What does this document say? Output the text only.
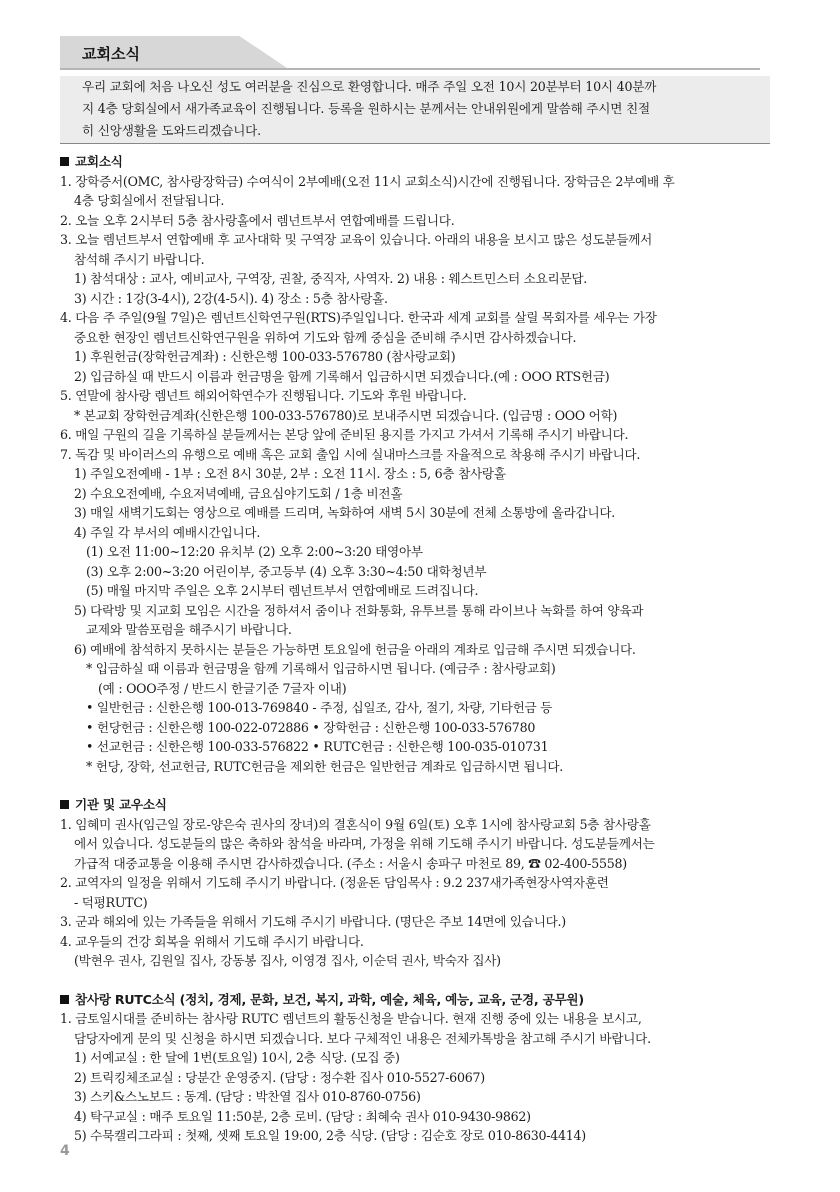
교회소식

우리 교회에 처음 나오신 성도 여러분을 진심으로 환영합니다. 매주 주일 오전 10시 20분부터 10시 40분까

지 4층 당회실에서 새가족교육이 진행됩니다. 등록을 원하시는 분께서는 안내위원에게 말씀해 주시면 친절

히 신앙생활을 도와드리겠습니다.

교회소식

1. 장학증서(OMC, 참사랑장학금) 수여식이 2부예배(오전 11시 교회소식)시간에 진행됩니다. 장학금은 2부예배 후

4층 당회실에서 전달됩니다.

2. 오늘 오후 2시부터 5층 참사랑홀에서 렘넌트부서 연합예배를 드립니다.

3. 오늘 렘넌트부서 연합예배 후 교사대학 및 구역장 교육이 있습니다. 아래의 내용을 보시고 많은 성도분들께서

참석해 주시기 바랍니다.

1) 참석대상 : 교사, 예비교사, 구역장, 권찰, 중직자, 사역자. 2) 내용 : 웨스트민스터 소요리문답.

3) 시간 : 1강(3-4시), 2강(4-5시). 4) 장소 : 5층 참사랑홀.

4. 다음 주 주일(9월 7일)은 렘넌트신학연구원(RTS)주일입니다. 한국과 세계 교회를 살릴 목회자를 세우는 가장

중요한 현장인 렘넌트신학연구원을 위하여 기도와 함께 중심을 준비해 주시면 감사하겠습니다.

1) 후원헌금(장학헌금계좌) : 신한은행 100-033-576780 (참사랑교회)

2) 입금하실 때 반드시 이름과 헌금명을 함께 기록해서 입금하시면 되겠습니다.(예 : OOO RTS헌금)

5. 연말에 참사랑 렘넌트 해외어학연수가 진행됩니다. 기도와 후원 바랍니다.

* 본교회 장학헌금계좌(신한은행 100-033-576780)로 보내주시면 되겠습니다. (입금명 : OOO 어학)

6. 매일 구원의 길을 기록하실 분들께서는 본당 앞에 준비된 용지를 가지고 가셔서 기록해 주시기 바랍니다.

7. 독감 및 바이러스의 유행으로 예배 혹은 교회 출입 시에 실내마스크를 자율적으로 착용해 주시기 바랍니다.

1) 주일오전예배 - 1부 : 오전 8시 30분, 2부 : 오전 11시. 장소 : 5, 6층 참사랑홀

2) 수요오전예배, 수요저녁예배, 금요심야기도회 / 1층 비전홀

3) 매일 새벽기도회는 영상으로 예배를 드리며, 녹화하여 새벽 5시 30분에 전체 소통방에 올라갑니다.

4) 주일 각 부서의 예배시간입니다.

(1) 오전 11:00~12:20 유치부 (2) 오후 2:00~3:20 태영아부

(3) 오후 2:00~3:20 어린이부, 중고등부 (4) 오후 3:30~4:50 대학청년부

(5) 매월 마지막 주일은 오후 2시부터 렘넌트부서 연합예배로 드려집니다.

5) 다락방 및 지교회 모임은 시간을 정하셔서 줌이나 전화통화, 유투브를 통해 라이브나 녹화를 하여 양육과

교제와 말씀포럼을 해주시기 바랍니다.

6) 예배에 참석하지 못하시는 분들은 가능하면 토요일에 헌금을 아래의 계좌로 입금해 주시면 되겠습니다.

* 입금하실 때 이름과 헌금명을 함께 기록해서 입금하시면 됩니다. (예금주 : 참사랑교회)

(예 : OOO주정 / 반드시 한글기준 7글자 이내)

• 일반헌금 : 신한은행 100-013-769840 - 주정, 십일조, 감사, 절기, 차량, 기타헌금 등

• 헌당헌금 : 신한은행 100-022-072886 • 장학헌금 : 신한은행 100-033-576780

• 선교헌금 : 신한은행 100-033-576822 • RUTC헌금 : 신한은행 100-035-010731

* 헌당, 장학, 선교헌금, RUTC헌금을 제외한 헌금은 일반헌금 계좌로 입금하시면 됩니다.

기관 및 교우소식

1. 임혜미 권사(임근일 장로-양은숙 권사의 장녀)의 결혼식이 9월 6일(토) 오후 1시에 참사랑교회 5층 참사랑홀

에서 있습니다. 성도분들의 많은 축하와 참석을 바라며, 가정을 위해 기도해 주시기 바랍니다. 성도분들께서는

가급적 대중교통을 이용해 주시면 감사하겠습니다. (주소 : 서울시 송파구 마천로 89, ☎ 02-400-5558)

2. 교역자의 일정을 위해서 기도해 주시기 바랍니다. (정윤돈 담임목사 : 9.2 237새가족현장사역자훈련

- 덕평RUTC)

3. 군과 해외에 있는 가족들을 위해서 기도해 주시기 바랍니다. (명단은 주보 14면에 있습니다.)

4. 교우들의 건강 회복을 위해서 기도해 주시기 바랍니다.

(박현우 권사, 김원일 집사, 강동봉 집사, 이영경 집사, 이순덕 권사, 박숙자 집사)

참사랑 RUTC소식 (정치, 경제, 문화, 보건, 복지, 과학, 예술, 체육, 예능, 교육, 군경, 공무원)

1. 금토일시대를 준비하는 참사랑 RUTC 렘넌트의 활동신청을 받습니다. 현재 진행 중에 있는 내용을 보시고,

담당자에게 문의 및 신청을 하시면 되겠습니다. 보다 구체적인 내용은 전체카톡방을 참고해 주시기 바랍니다.

1) 서예교실 : 한 달에 1번(토요일) 10시, 2층 식당. (모집 중)

2) 트릭킹체조교실 : 당분간 운영중지. (담당 : 정수환 집사 010-5527-6067)

3) 스키&스노보드 : 동계. (담당 : 박찬열 집사 010-8760-0756)

4) 탁구교실 : 매주 토요일 11:50분, 2층 로비. (담당 : 최혜숙 권사 010-9430-9862)

5) 수묵캘리그라피 : 첫째, 셋째 토요일 19:00, 2층 식당. (담당 : 김순호 장로 010-8630-4414)

4
